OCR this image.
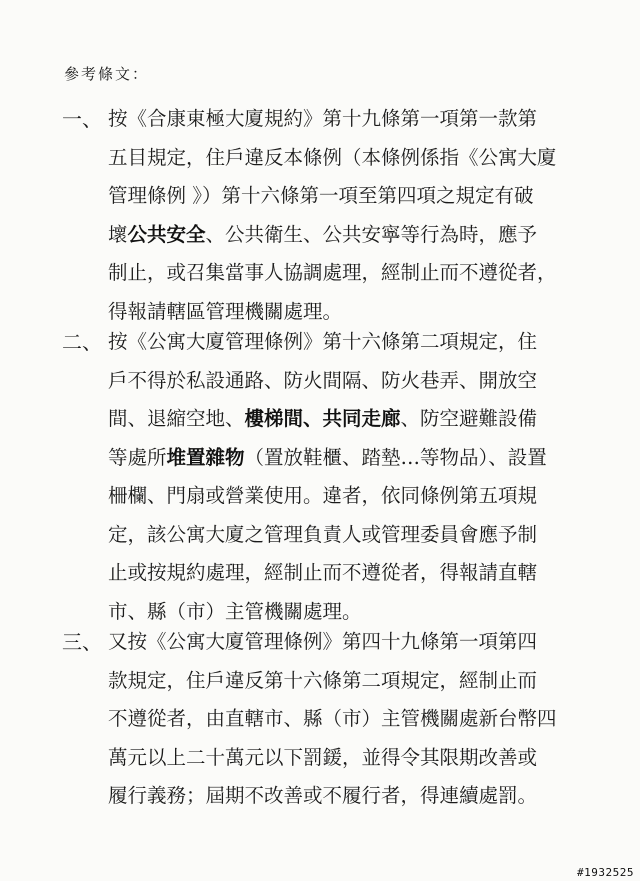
參考條文：
一、 按《合康東極大廈規約》第十九條第一項第一款第
五目規定，住戶違反本條例（本條例係指《公寓大廈
管理條例 》）第十六條第一項至第四項之規定有破
壞公共安全、公共衛生、公共安寧等行為時，應予
制止，或召集當事人協調處理，經制止而不遵從者，
得報請轄區管理機關處理。
二、 按《公寓大廈管理條例》第十六條第二項規定，住
戶不得於私設通路、防火間隔、防火巷弄、開放空
間、退縮空地、樓梯間、共同走廊、防空避難設備
等處所堆置雜物（置放鞋櫃、踏墊…等物品）、設置
柵欄、門扇或營業使用。違者，依同條例第五項規
定，該公寓大廈之管理負責人或管理委員會應予制
止或按規約處理，經制止而不遵從者，得報請直轄
市、縣（市）主管機關處理。
三、 又按《公寓大廈管理條例》第四十九條第一項第四
款規定，住戶違反第十六條第二項規定，經制止而
不遵從者，由直轄市、縣（市）主管機關處新台幣四
萬元以上二十萬元以下罰鍰，並得令其限期改善或
履行義務；屆期不改善或不履行者，得連續處罰。
#1932525
